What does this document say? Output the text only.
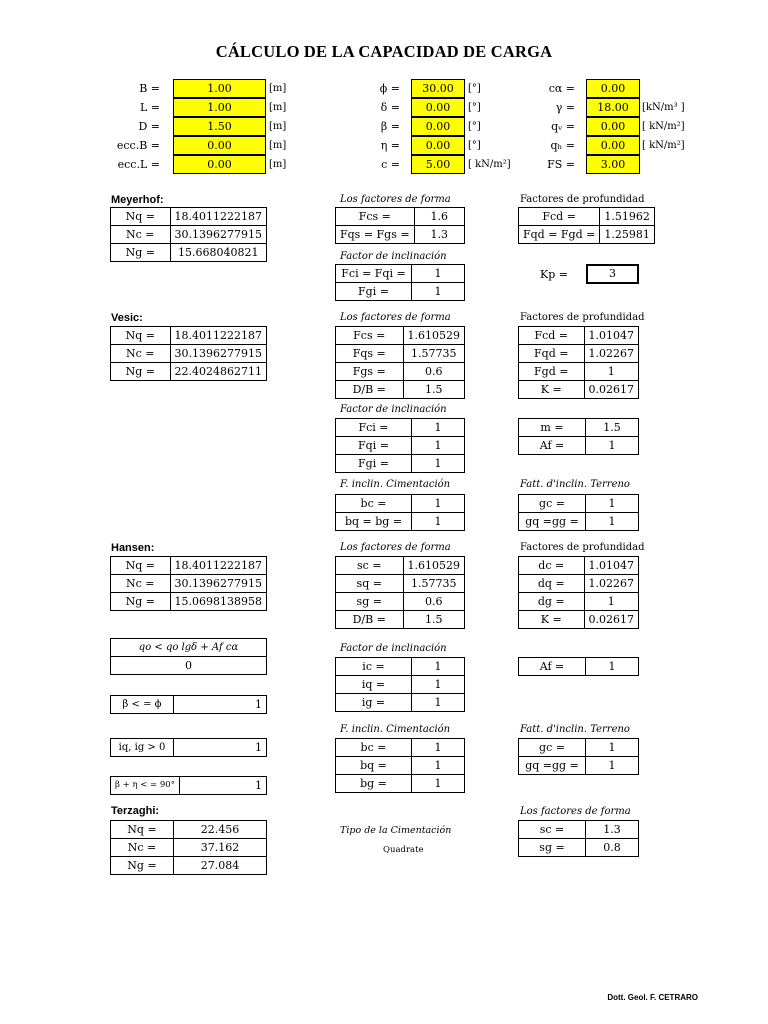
CÁLCULO DE LA CAPACIDAD DE CARGA
B =	1.00	[m]
L =	1.00	[m]
D =	1.50	[m]
ecc.B =	0.00	[m]
ecc.L =	0.00	[m]
ϕ =	30.00	[°]
δ =	0.00	[°]
β =	0.00	[°]
η =	0.00	[°]
c =	5.00	[ kN/m²]
cα =	0.00
γ =	18.00	[kN/m³ ]
qᵥ =	0.00	[ kN/m²]
qₕ =	0.00	[ kN/m²]
FS =	3.00
Meyerhof:
Nq =	18.4011222187
Nc =	30.1396277915
Ng =	15.668040821
Los factores de forma
Fcs =	1.6
Fqs = Fgs =	1.3
Factor de inclinación
Fci = Fqi =	1
Fgi =	1
Factores de profundidad
Fcd =	1.51962
Fqd = Fgd =	1.25981
Kp =	3
Vesic:
Nq =	18.4011222187
Nc =	30.1396277915
Ng =	22.4024862711
Los factores de forma
Fcs =	1.610529
Fqs =	1.57735
Fgs =	0.6
D/B =	1.5
Factores de profundidad
Fcd =	1.01047
Fqd =	1.02267
Fgd =	1
K =	0.02617
Factor de inclinación
Fci =	1
Fqi =	1
Fgi =	1
m =	1.5
Af =	1
F. inclin. Cimentación
bc =	1
bq = bg =	1
Fatt. d'inclin. Terreno
gc =	1
gq =gg =	1
Hansen:
Nq =	18.4011222187
Nc =	30.1396277915
Ng =	15.0698138958
Los factores de forma
sc =	1.610529
sq =	1.57735
sg =	0.6
D/B =	1.5
Factores de profundidad
dc =	1.01047
dq =	1.02267
dg =	1
K =	0.02617
qo < qo lgδ + Af cα
0
β < = ϕ	1
iq, ig > 0	1
β + η < = 90°	1
Factor de inclinación
ic =	1
iq =	1
ig =	1
Af =	1
F. inclin. Cimentación
bc =	1
bq =	1
bg =	1
Fatt. d'inclin. Terreno
gc =	1
gq =gg =	1
Terzaghi:
Nq =	22.456
Nc =	37.162
Ng =	27.084
Tipo de la Cimentación
Quadrate
Los factores de forma
sc =	1.3
sg =	0.8
Dott. Geol. F. CETRARO
